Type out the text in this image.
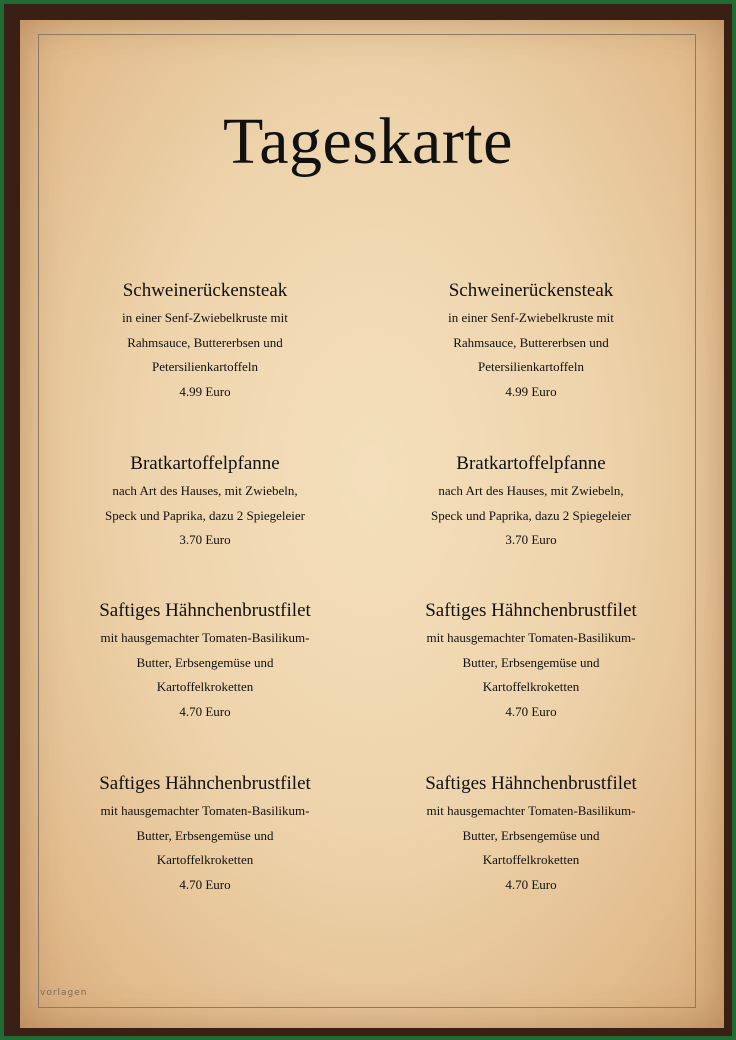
Tageskarte
Schweinerückensteak
in einer Senf-Zwiebelkruste mit
Rahmsauce, Buttererbsen und
Petersilienkartoffeln
4.99 Euro
Bratkartoffelpfanne
nach Art des Hauses, mit Zwiebeln,
Speck und Paprika, dazu 2 Spiegeleier
3.70 Euro
Saftiges Hähnchenbrustfilet
mit hausgemachter Tomaten-Basilikum-
Butter, Erbsengemüse und
Kartoffelkroketten
4.70 Euro
Saftiges Hähnchenbrustfilet
mit hausgemachter Tomaten-Basilikum-
Butter, Erbsengemüse und
Kartoffelkroketten
4.70 Euro
Schweinerückensteak
in einer Senf-Zwiebelkruste mit
Rahmsauce, Buttererbsen und
Petersilienkartoffeln
4.99 Euro
Bratkartoffelpfanne
nach Art des Hauses, mit Zwiebeln,
Speck und Paprika, dazu 2 Spiegeleier
3.70 Euro
Saftiges Hähnchenbrustfilet
mit hausgemachter Tomaten-Basilikum-
Butter, Erbsengemüse und
Kartoffelkroketten
4.70 Euro
Saftiges Hähnchenbrustfilet
mit hausgemachter Tomaten-Basilikum-
Butter, Erbsengemüse und
Kartoffelkroketten
4.70 Euro
vorlagen
